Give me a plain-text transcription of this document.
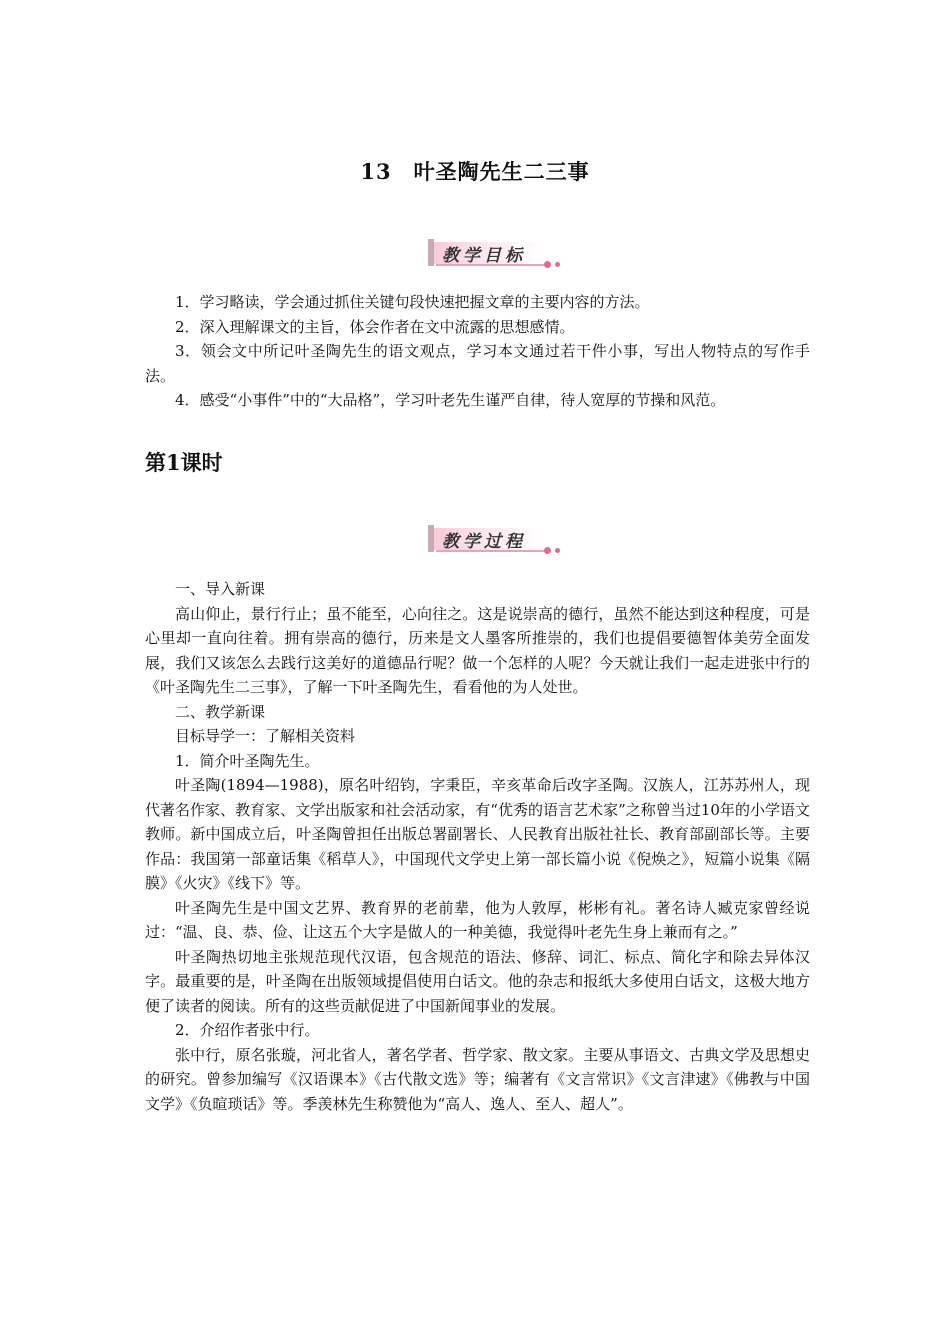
13　叶圣陶先生二三事
教学目标

1．学习略读，学会通过抓住关键句段快速把握文章的主要内容的方法。

2．深入理解课文的主旨，体会作者在文中流露的思想感情。

3．领会文中所记叶圣陶先生的语文观点，学习本文通过若干件小事，写出人物特点的写作手法。

4．感受“小事件”中的“大品格”，学习叶老先生谨严自律，待人宽厚的节操和风范。

第1课时
教学过程

一、导入新课

高山仰止，景行行止；虽不能至，心向往之。这是说崇高的德行，虽然不能达到这种程度，可是心里却一直向往着。拥有崇高的德行，历来是文人墨客所推崇的，我们也提倡要德智体美劳全面发展，我们又该怎么去践行这美好的道德品行呢？做一个怎样的人呢？今天就让我们一起走进张中行的《叶圣陶先生二三事》，了解一下叶圣陶先生，看看他的为人处世。

二、教学新课

目标导学一：了解相关资料

1．简介叶圣陶先生。

叶圣陶(1894—1988)，原名叶绍钧，字秉臣，辛亥革命后改字圣陶。汉族人，江苏苏州人，现代著名作家、教育家、文学出版家和社会活动家，有“优秀的语言艺术家”之称曾当过10年的小学语文教师。新中国成立后，叶圣陶曾担任出版总署副署长、人民教育出版社社长、教育部副部长等。主要作品：我国第一部童话集《稻草人》，中国现代文学史上第一部长篇小说《倪焕之》，短篇小说集《隔膜》《火灾》《线下》等。

叶圣陶先生是中国文艺界、教育界的老前辈，他为人敦厚，彬彬有礼。著名诗人臧克家曾经说过：“温、良、恭、俭、让这五个大字是做人的一种美德，我觉得叶老先生身上兼而有之。”

叶圣陶热切地主张规范现代汉语，包含规范的语法、修辞、词汇、标点、简化字和除去异体汉字。最重要的是，叶圣陶在出版领域提倡使用白话文。他的杂志和报纸大多使用白话文，这极大地方便了读者的阅读。所有的这些贡献促进了中国新闻事业的发展。

2．介绍作者张中行。

张中行，原名张璇，河北省人，著名学者、哲学家、散文家。主要从事语文、古典文学及思想史的研究。曾参加编写《汉语课本》《古代散文选》等；编著有《文言常识》《文言津逮》《佛教与中国文学》《负暄琐话》等。季羡林先生称赞他为“高人、逸人、至人、超人”。
